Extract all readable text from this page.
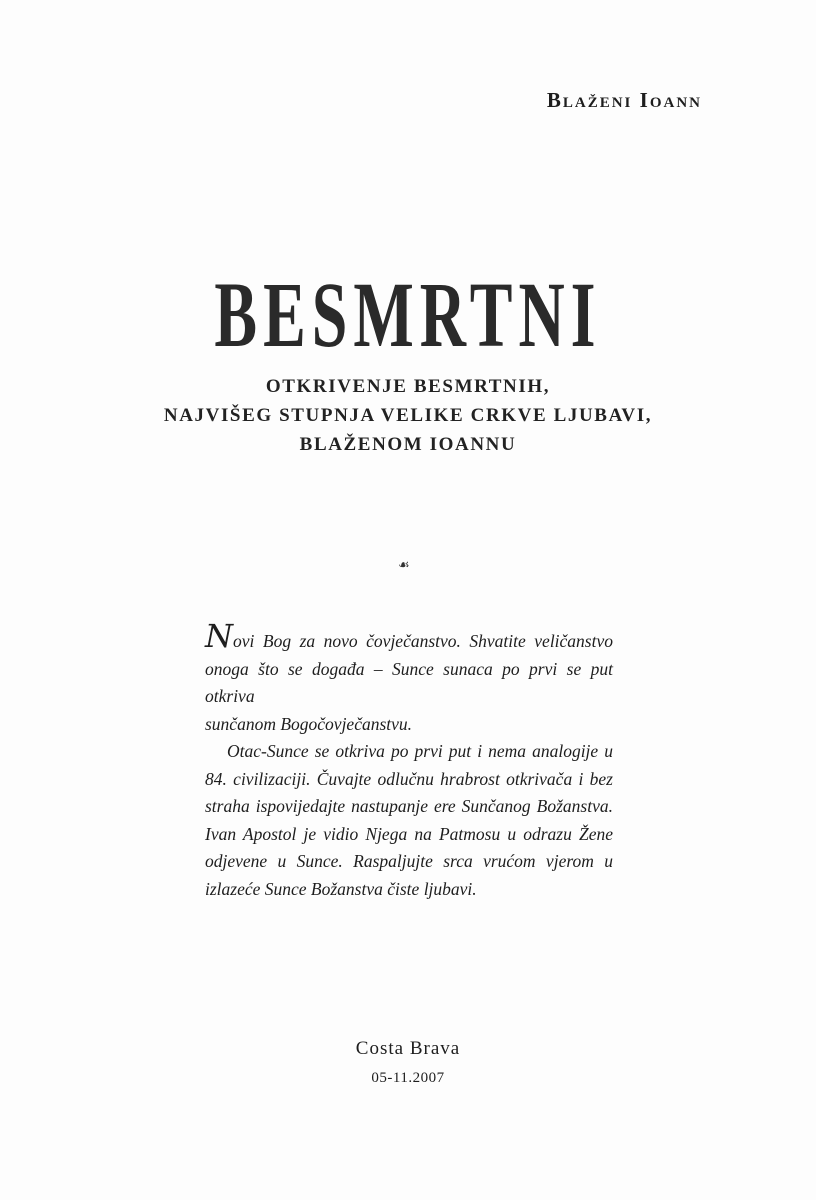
Blaženi Ioann
BESMRTNI
OTKRIVENJE BESMRTNIH,
NAJVIŠEG STUPNJA VELIKE CRKVE LJUBAVI,
BLAŽENOM IOANNU
☙
Novi Bog za novo čovječanstvo. Shvatite veličanstvo
onoga što se događa – Sunce sunaca po prvi se put otkriva
sunčanom Bogočovječanstvu.
Otac-Sunce se otkriva po prvi put i nema analogije u
84. civilizaciji. Čuvajte odlučnu hrabrost otkrivača i bez
straha ispovijedajte nastupanje ere Sunčanog Božanstva.
Ivan Apostol je vidio Njega na Patmosu u odrazu Žene
odjevene u Sunce. Raspaljujte srca vrućom vjerom u
izlazeće Sunce Božanstva čiste ljubavi.
Costa Brava
05-11.2007
